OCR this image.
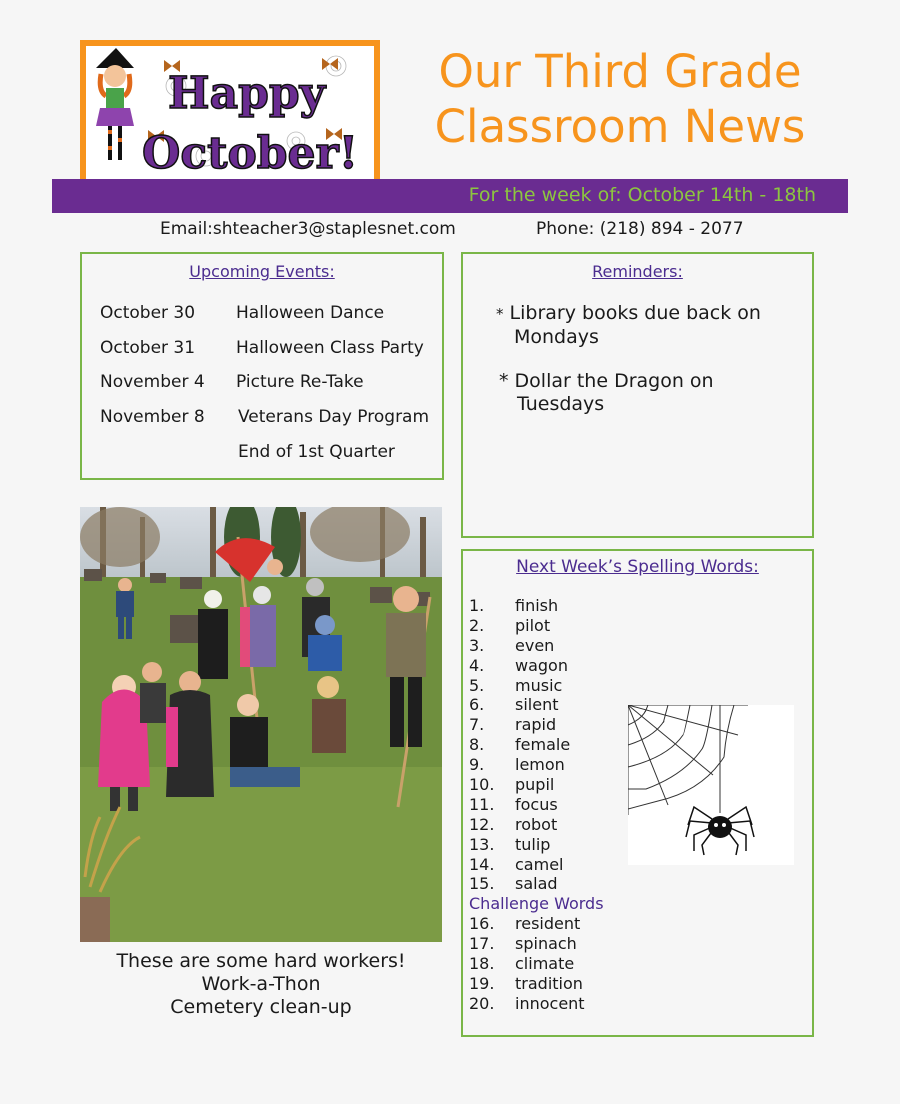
Happy
October!
Our Third Grade
Classroom News
For the week of: October 14th - 18th
Email:shteacher3@staplesnet.com	Phone: (218) 894 - 2077
Upcoming Events:
October 30 Halloween Dance
October 31 Halloween Class Party
November 4 Picture Re-Take
November 8 Veterans Day Program
End of 1st Quarter
Reminders:
* Library books due back on
Mondays
* Dollar the Dragon on
Tuesdays
These are some hard workers!
Work-a-Thon
Cemetery clean-up
Next Week’s Spelling Words:
1. finish
2. pilot
3. even
4. wagon
5. music
6. silent
7. rapid
8. female
9. lemon
10. pupil
11. focus
12. robot
13. tulip
14. camel
15. salad
Challenge Words
16. resident
17. spinach
18. climate
19. tradition
20. innocent
